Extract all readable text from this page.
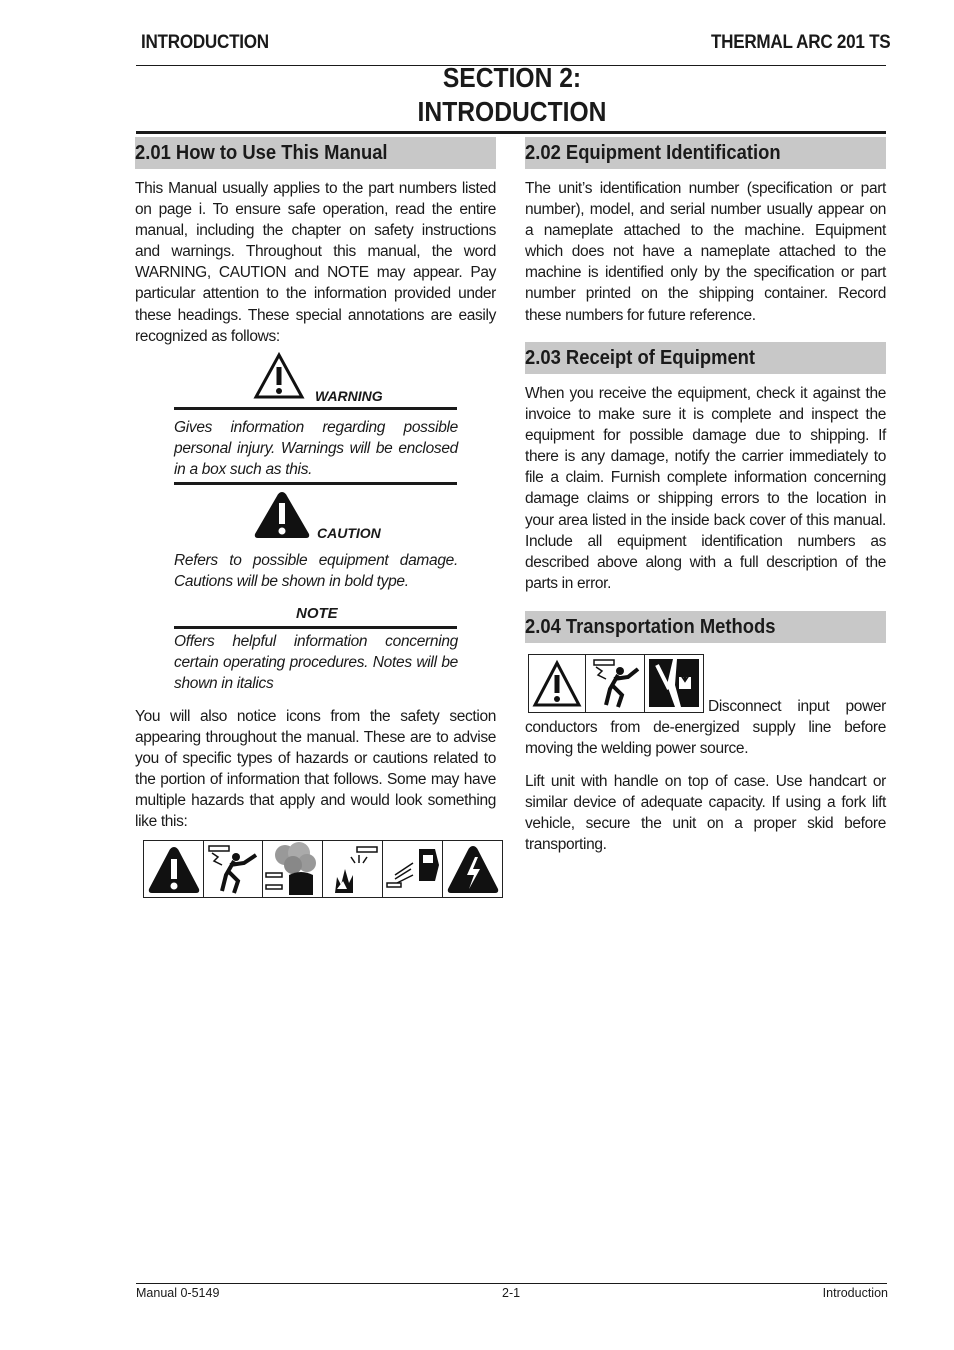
INTRODUCTION	THERMAL ARC 201 TS
SECTION 2:
INTRODUCTION
2.01 How to Use This Manual
This Manual usually applies to the part numbers listed on page i. To ensure safe operation, read the entire manual, including the chapter on safety instructions and warnings. Throughout this manual, the word WARNING, CAUTION and NOTE may appear. Pay particular attention to the information provided under these headings. These special annotations are easily recognized as follows:
WARNING
Gives information regarding possible personal injury. Warnings will be enclosed in a box such as this.
CAUTION
Refers to possible equipment damage. Cautions will be shown in bold type.
NOTE
Offers helpful information concerning certain operating procedures. Notes will be shown in italics
You will also notice icons from the safety section appearing throughout the manual. These are to advise you of specific types of hazards or cautions related to the portion of information that follows. Some may have multiple hazards that apply and would look something like this:
2.02 Equipment Identification
The unit’s identification number (specification or part number), model, and serial number usually appear on a nameplate attached to the machine. Equipment which does not have a nameplate attached to the machine is identified only by the specification or part number printed on the shipping container. Record these numbers for future reference.
2.03 Receipt of Equipment
When you receive the equipment, check it against the invoice to make sure it is complete and inspect the equipment for possible damage due to shipping. If there is any damage, notify the carrier immediately to file a claim. Furnish complete information concerning damage claims or shipping errors to the location in your area listed in the inside back cover of this manual. Include all equipment identification numbers as described above along with a full description of the parts in error.
2.04 Transportation Methods
Disconnect input power conductors from de-energized supply line before moving the welding power source.
Lift unit with handle on top of case. Use handcart or similar device of adequate capacity. If using a fork lift vehicle, secure the unit on a proper skid before transporting.
Manual 0-5149	2-1	Introduction
